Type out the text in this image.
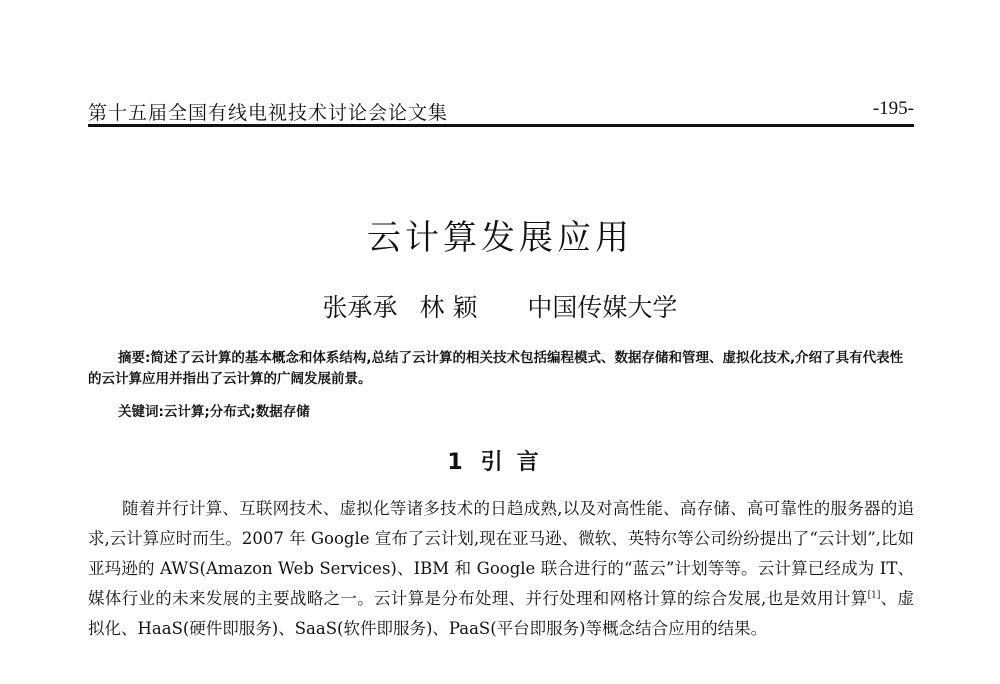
第十五届全国有线电视技术讨论会论文集	-195-
云计算发展应用
张承承 林 颖 中国传媒大学

摘要:简述了云计算的基本概念和体系结构,总结了云计算的相关技术包括编程模式、数据存储和管理、虚拟化技术,介绍了具有代表性的云计算应用并指出了云计算的广阔发展前景。

关键词:云计算;分布式;数据存储
1 引言

随着并行计算、互联网技术、虚拟化等诸多技术的日趋成熟,以及对高性能、高存储、高可靠性的服务器的追求,云计算应时而生。2007 年 Google 宣布了云计划,现在亚马逊、微软、英特尔等公司纷纷提出了“云计划”,比如亚玛逊的 AWS(Amazon Web Services)、IBM 和 Google 联合进行的“蓝云”计划等等。云计算已经成为 IT、媒体行业的未来发展的主要战略之一。云计算是分布处理、并行处理和网格计算的综合发展,也是效用计算[1]、虚拟化、HaaS(硬件即服务)、SaaS(软件即服务)、PaaS(平台即服务)等概念结合应用的结果。
